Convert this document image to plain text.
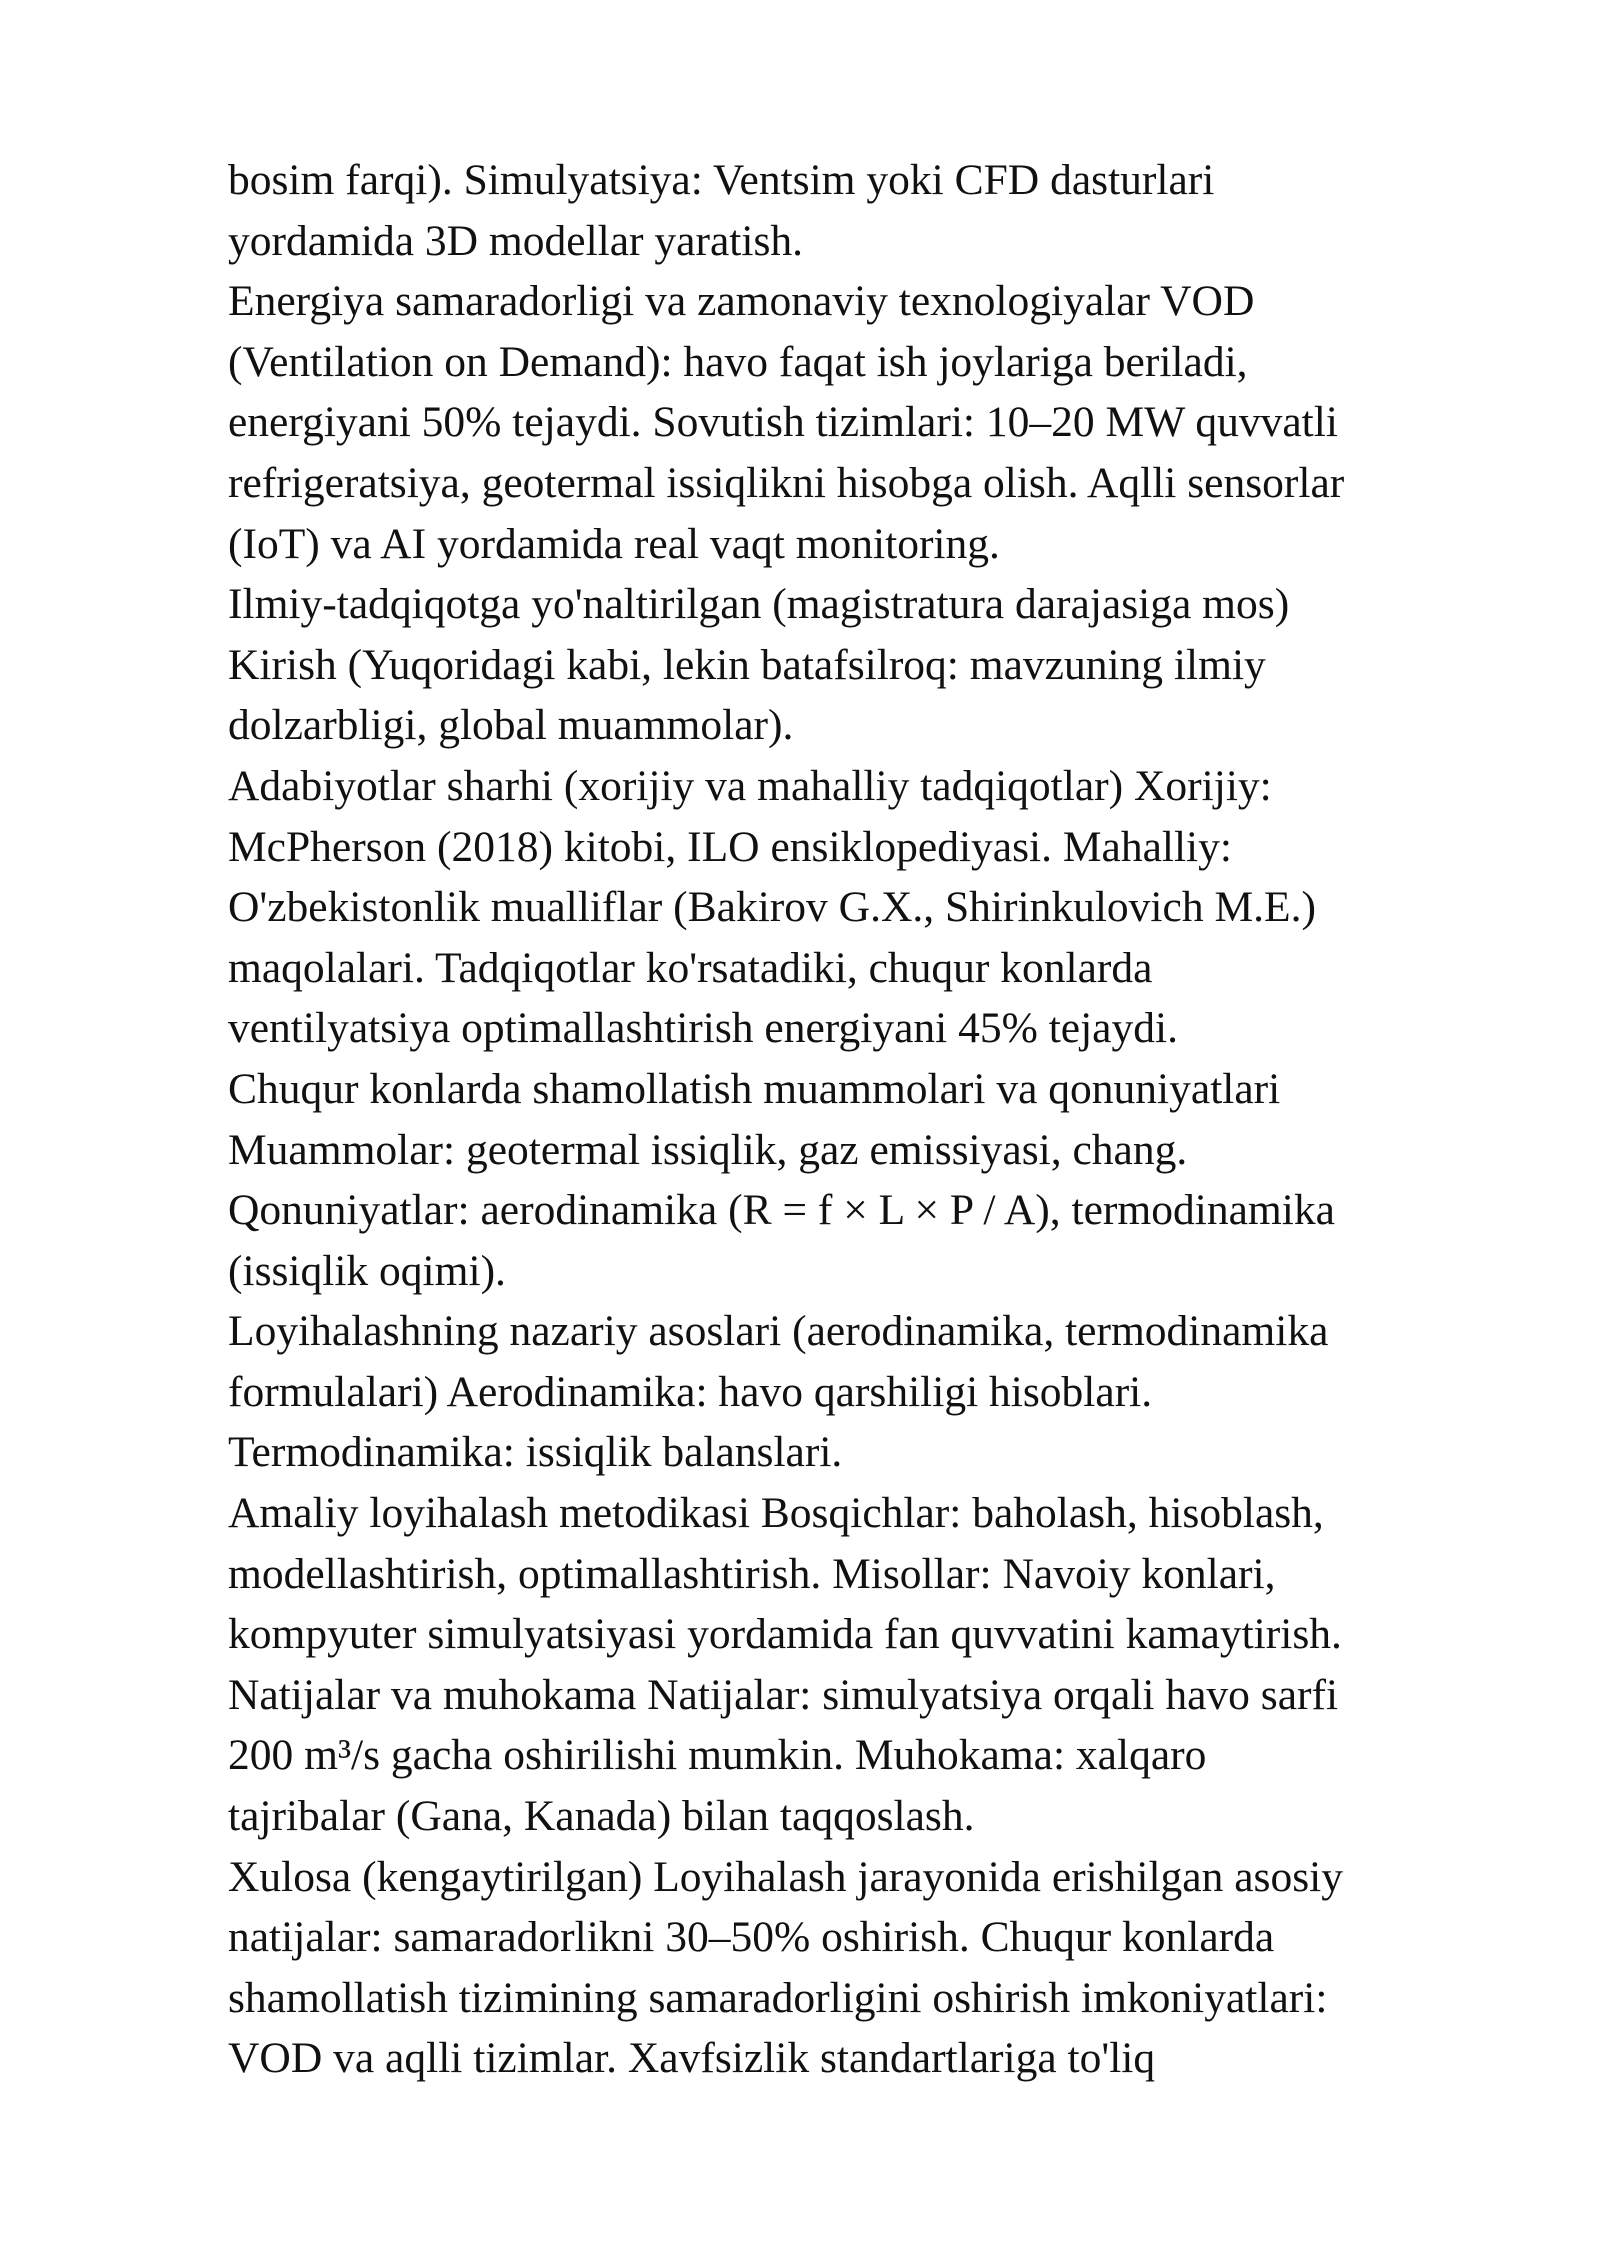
bosim farqi). Simulyatsiya: Ventsim yoki CFD dasturlari
yordamida 3D modellar yaratish.
Energiya samaradorligi va zamonaviy texnologiyalar VOD
(Ventilation on Demand): havo faqat ish joylariga beriladi,
energiyani 50% tejaydi. Sovutish tizimlari: 10–20 MW quvvatli
refrigeratsiya, geotermal issiqlikni hisobga olish. Aqlli sensorlar
(IoT) va AI yordamida real vaqt monitoring.
Ilmiy-tadqiqotga yo'naltirilgan (magistratura darajasiga mos)
Kirish (Yuqoridagi kabi, lekin batafsilroq: mavzuning ilmiy
dolzarbligi, global muammolar).
Adabiyotlar sharhi (xorijiy va mahalliy tadqiqotlar) Xorijiy:
McPherson (2018) kitobi, ILO ensiklopediyasi. Mahalliy:
O'zbekistonlik mualliflar (Bakirov G.X., Shirinkulovich M.E.)
maqolalari. Tadqiqotlar ko'rsatadiki, chuqur konlarda
ventilyatsiya optimallashtirish energiyani 45% tejaydi.
Chuqur konlarda shamollatish muammolari va qonuniyatlari
Muammolar: geotermal issiqlik, gaz emissiyasi, chang.
Qonuniyatlar: aerodinamika (R = f × L × P / A), termodinamika
(issiqlik oqimi).
Loyihalashning nazariy asoslari (aerodinamika, termodinamika
formulalari) Aerodinamika: havo qarshiligi hisoblari.
Termodinamika: issiqlik balanslari.
Amaliy loyihalash metodikasi Bosqichlar: baholash, hisoblash,
modellashtirish, optimallashtirish. Misollar: Navoiy konlari,
kompyuter simulyatsiyasi yordamida fan quvvatini kamaytirish.
Natijalar va muhokama Natijalar: simulyatsiya orqali havo sarfi
200 m³/s gacha oshirilishi mumkin. Muhokama: xalqaro
tajribalar (Gana, Kanada) bilan taqqoslash.
Xulosa (kengaytirilgan) Loyihalash jarayonida erishilgan asosiy
natijalar: samaradorlikni 30–50% oshirish. Chuqur konlarda
shamollatish tizimining samaradorligini oshirish imkoniyatlari:
VOD va aqlli tizimlar. Xavfsizlik standartlariga to'liq
